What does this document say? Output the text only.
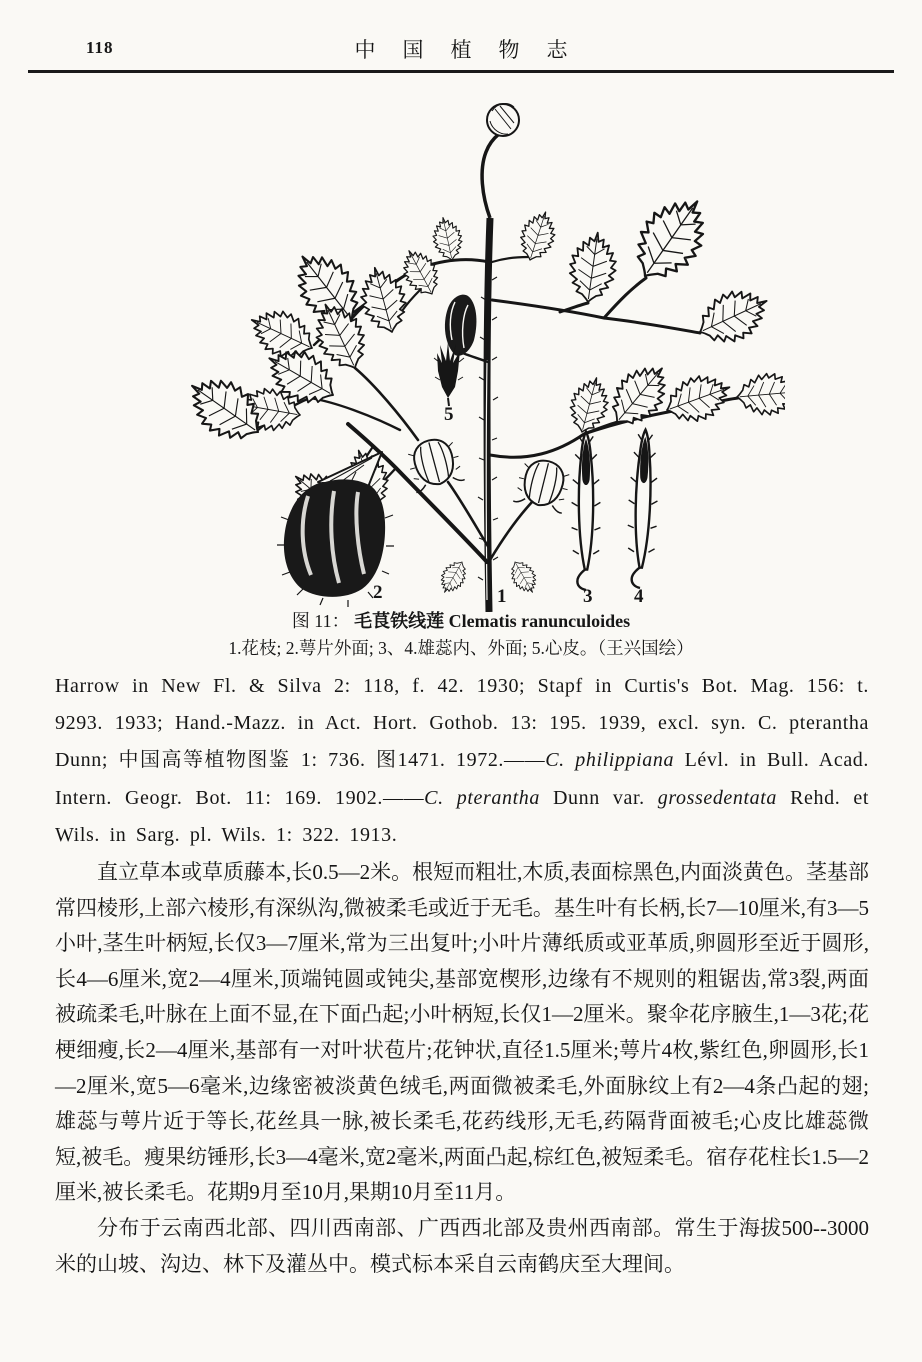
118	中国植物志
1
2	3 4
5
图 11： 毛茛铁线莲 Clematis ranunculoides
1.花枝; 2.萼片外面; 3、4.雄蕊内、外面; 5.心皮。（王兴国绘）
Harrow in New Fl. & Silva 2: 118, f. 42. 1930; Stapf in Curtis's Bot. Mag. 156: t. 9293. 1933; Hand.-Mazz. in Act. Hort. Gothob. 13: 195. 1939, excl. syn. C. pterantha Dunn; 中国高等植物图鉴 1: 736. 图1471. 1972.——C. philippiana Lévl. in Bull. Acad. Intern. Geogr. Bot. 11: 169. 1902.——C. pterantha Dunn var. grossedentata Rehd. et Wils. in Sarg. pl. Wils. 1: 322. 1913.

直立草本或草质藤本,长0.5—2米。根短而粗壮,木质,表面棕黑色,内面淡黄色。茎基部常四棱形,上部六棱形,有深纵沟,微被柔毛或近于无毛。基生叶有长柄,长7—10厘米,有3—5小叶,茎生叶柄短,长仅3—7厘米,常为三出复叶;小叶片薄纸质或亚革质,卵圆形至近于圆形,长4—6厘米,宽2—4厘米,顶端钝圆或钝尖,基部宽楔形,边缘有不规则的粗锯齿,常3裂,两面被疏柔毛,叶脉在上面不显,在下面凸起;小叶柄短,长仅1—2厘米。聚伞花序腋生,1—3花;花梗细瘦,长2—4厘米,基部有一对叶状苞片;花钟状,直径1.5厘米;萼片4枚,紫红色,卵圆形,长1—2厘米,宽5—6毫米,边缘密被淡黄色绒毛,两面微被柔毛,外面脉纹上有2—4条凸起的翅;雄蕊与萼片近于等长,花丝具一脉,被长柔毛,花药线形,无毛,药隔背面被毛;心皮比雄蕊微短,被毛。瘦果纺锤形,长3—4毫米,宽2毫米,两面凸起,棕红色,被短柔毛。宿存花柱长1.5—2厘米,被长柔毛。花期9月至10月,果期10月至11月。

分布于云南西北部、四川西南部、广西西北部及贵州西南部。常生于海拔500--3000米的山坡、沟边、林下及灌丛中。模式标本采自云南鹤庆至大理间。
